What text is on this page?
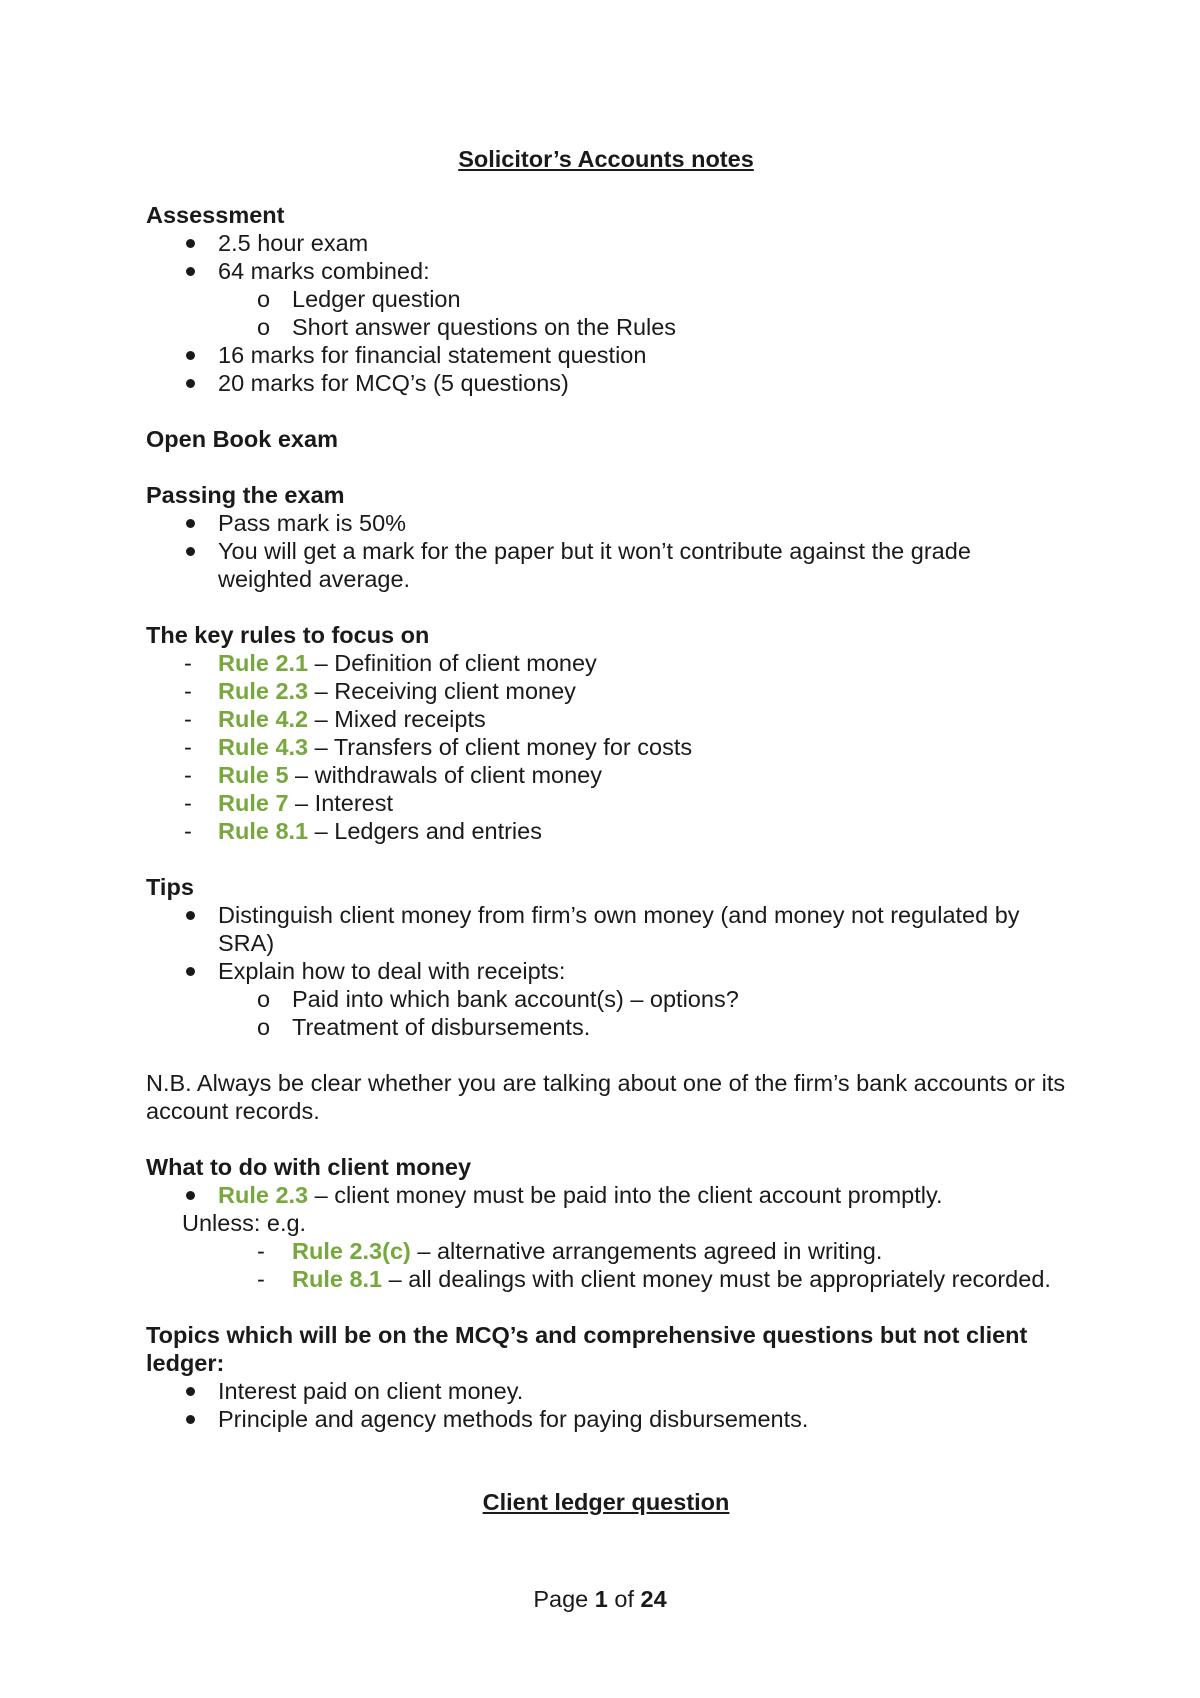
Solicitor’s Accounts notes

Assessment

2.5 hour exam
64 marks combined:
o Ledger question
o Short answer questions on the Rules
16 marks for financial statement question
20 marks for MCQ’s (5 questions)

Open Book exam

Passing the exam

Pass mark is 50%
You will get a mark for the paper but it won’t contribute against the grade weighted average.

The key rules to focus on

- Rule 2.1 – Definition of client money
- Rule 2.3 – Receiving client money
- Rule 4.2 – Mixed receipts
- Rule 4.3 – Transfers of client money for costs
- Rule 5 – withdrawals of client money
- Rule 7 – Interest
- Rule 8.1 – Ledgers and entries

Tips

Distinguish client money from firm’s own money (and money not regulated by SRA)
Explain how to deal with receipts:
o Paid into which bank account(s) – options?
o Treatment of disbursements.

N.B. Always be clear whether you are talking about one of the firm’s bank accounts or its account records.

What to do with client money

Rule 2.3 – client money must be paid into the client account promptly.

Unless: e.g.

- Rule 2.3(c) – alternative arrangements agreed in writing.
- Rule 8.1 – all dealings with client money must be appropriately recorded.

Topics which will be on the MCQ’s and comprehensive questions but not client ledger:

Interest paid on client money.
Principle and agency methods for paying disbursements.

Client ledger question

Page 1 of 24
